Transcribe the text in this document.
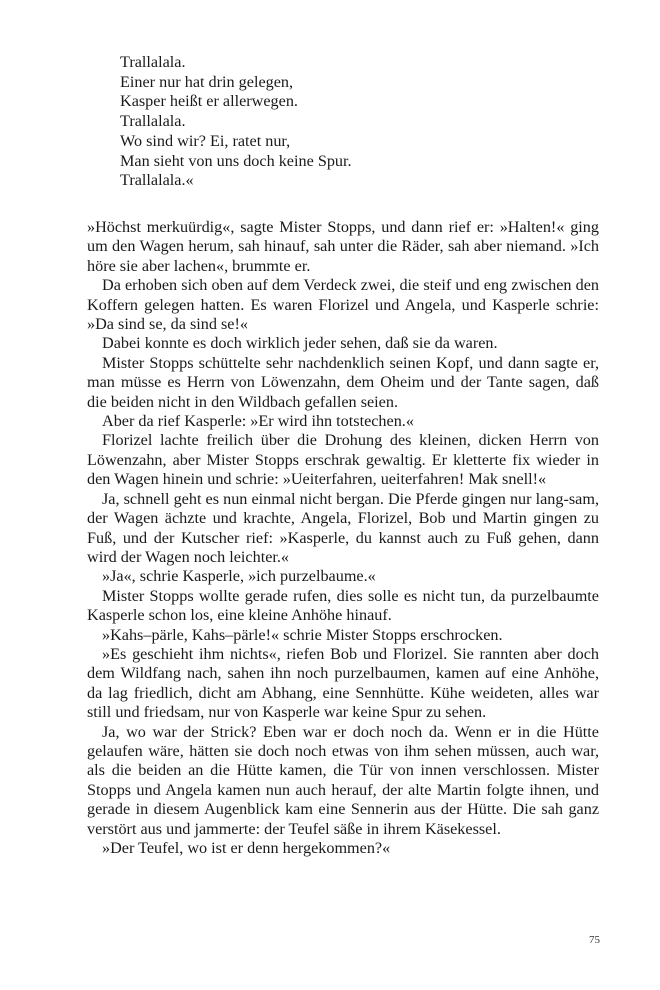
Trallalala.
Einer nur hat drin gelegen,
Kasper heißt er allerwegen.
Trallalala.
Wo sind wir? Ei, ratet nur,
Man sieht von uns doch keine Spur.
Trallalala.«

»Höchst merkuürdig«, sagte Mister Stopps, und dann rief er: »Halten!« ging um den Wagen herum, sah hinauf, sah unter die Räder, sah aber niemand. »Ich höre sie aber lachen«, brummte er.

Da erhoben sich oben auf dem Verdeck zwei, die steif und eng zwischen den Koffern gelegen hatten. Es waren Florizel und Angela, und Kasperle schrie: »Da sind se, da sind se!«

Dabei konnte es doch wirklich jeder sehen, daß sie da waren.

Mister Stopps schüttelte sehr nachdenklich seinen Kopf, und dann sagte er, man müsse es Herrn von Löwenzahn, dem Oheim und der Tante sagen, daß die beiden nicht in den Wildbach gefallen seien.

Aber da rief Kasperle: »Er wird ihn totstechen.«

Florizel lachte freilich über die Drohung des kleinen, dicken Herrn von Löwenzahn, aber Mister Stopps erschrak gewaltig. Er kletterte fix wieder in den Wagen hinein und schrie: »Ueiterfahren, ueiterfahren! Mak snell!«

Ja, schnell geht es nun einmal nicht bergan. Die Pferde gingen nur lang-sam, der Wagen ächzte und krachte, Angela, Florizel, Bob und Martin gingen zu Fuß, und der Kutscher rief: »Kasperle, du kannst auch zu Fuß gehen, dann wird der Wagen noch leichter.«

»Ja«, schrie Kasperle, »ich purzelbaume.«

Mister Stopps wollte gerade rufen, dies solle es nicht tun, da purzelbaumte Kasperle schon los, eine kleine Anhöhe hinauf.

»Kahs–pärle, Kahs–pärle!« schrie Mister Stopps erschrocken.

»Es geschieht ihm nichts«, riefen Bob und Florizel. Sie rannten aber doch dem Wildfang nach, sahen ihn noch purzelbaumen, kamen auf eine Anhöhe, da lag friedlich, dicht am Abhang, eine Sennhütte. Kühe weideten, alles war still und friedsam, nur von Kasperle war keine Spur zu sehen.

Ja, wo war der Strick? Eben war er doch noch da. Wenn er in die Hütte gelaufen wäre, hätten sie doch noch etwas von ihm sehen müssen, auch war, als die beiden an die Hütte kamen, die Tür von innen verschlossen. Mister Stopps und Angela kamen nun auch herauf, der alte Martin folgte ihnen, und gerade in diesem Augenblick kam eine Sennerin aus der Hütte. Die sah ganz verstört aus und jammerte: der Teufel säße in ihrem Käsekessel.

»Der Teufel, wo ist er denn hergekommen?«

75
